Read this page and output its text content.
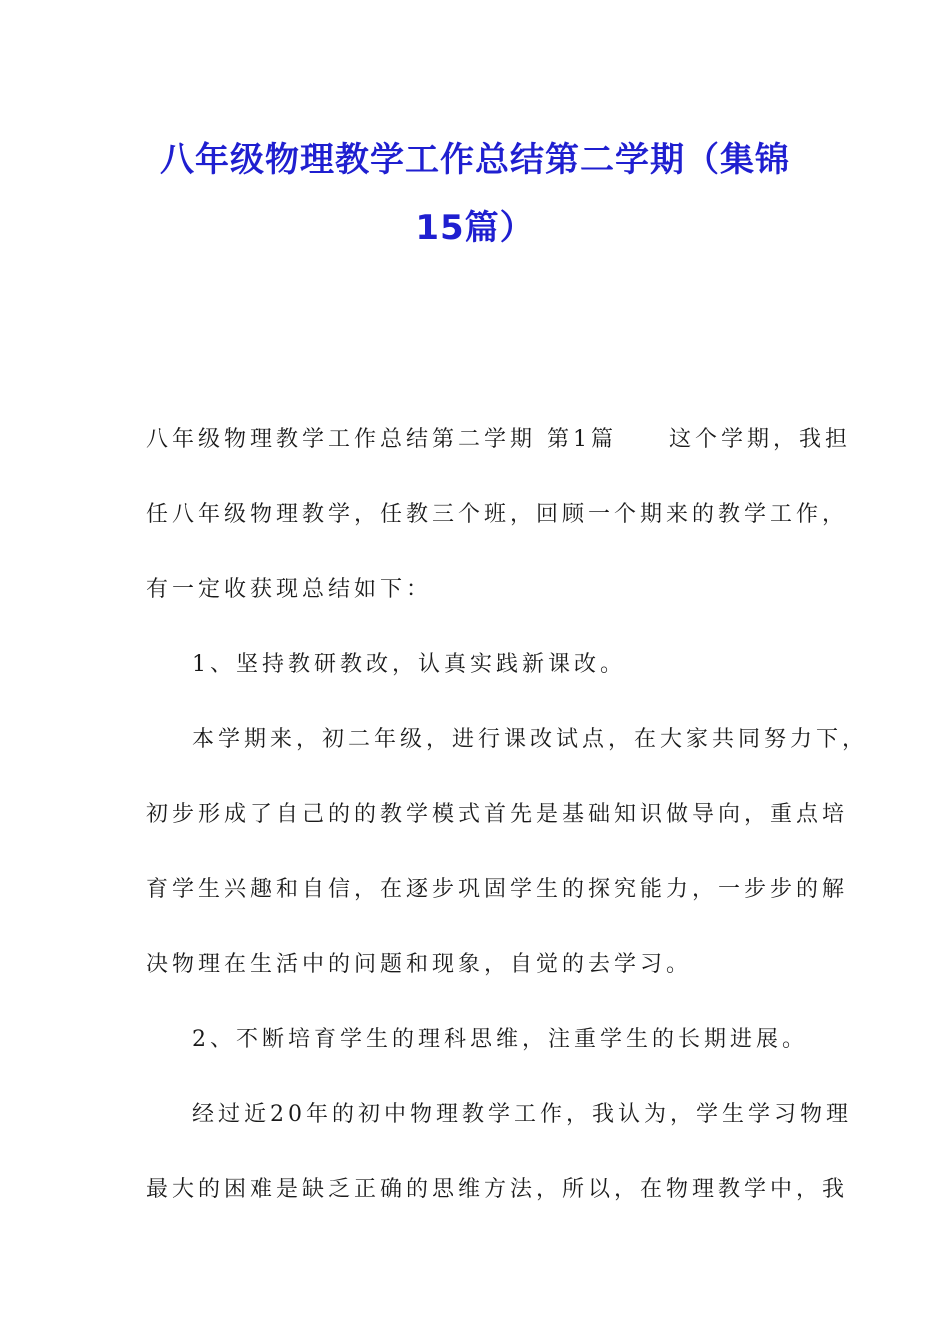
八年级物理教学工作总结第二学期（集锦
15篇）
八年级物理教学工作总结第二学期 第1篇　　这个学期，我担
任八年级物理教学，任教三个班，回顾一个期来的教学工作，
有一定收获现总结如下：
1、坚持教研教改，认真实践新课改。
本学期来，初二年级，进行课改试点，在大家共同努力下，
初步形成了自己的的教学模式首先是基础知识做导向，重点培
育学生兴趣和自信，在逐步巩固学生的探究能力，一步步的解
决物理在生活中的问题和现象，自觉的去学习。
2、不断培育学生的理科思维，注重学生的长期进展。
经过近20年的初中物理教学工作，我认为，学生学习物理
最大的困难是缺乏正确的思维方法，所以，在物理教学中，我
